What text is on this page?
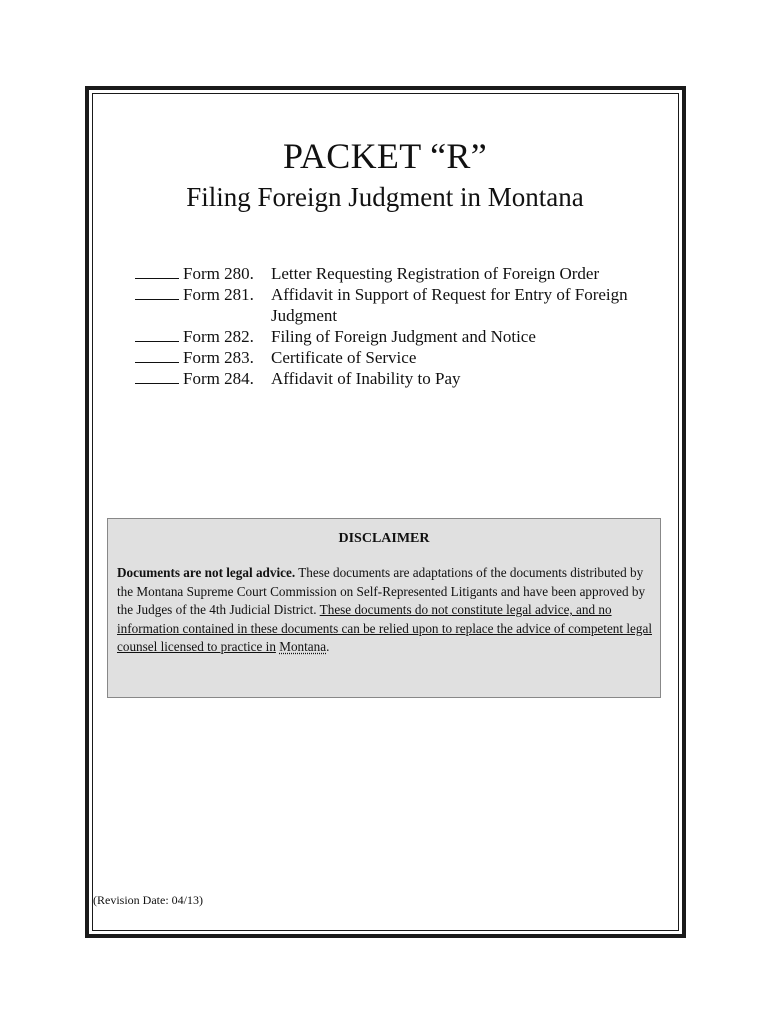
PACKET “R”
Filing Foreign Judgment in Montana
Form 280.	Letter Requesting Registration of Foreign Order
Form 281.	Affidavit in Support of Request for Entry of Foreign Judgment
Form 282.	Filing of Foreign Judgment and Notice
Form 283.	Certificate of Service
Form 284.	Affidavit of Inability to Pay
DISCLAIMER
Documents are not legal advice. These documents are adaptations of the documents distributed by the Montana Supreme Court Commission on Self-Represented Litigants and have been approved by the Judges of the 4th Judicial District. These documents do not constitute legal advice, and no information contained in these documents can be relied upon to replace the advice of competent legal counsel licensed to practice in Montana.
(Revision Date: 04/13)
